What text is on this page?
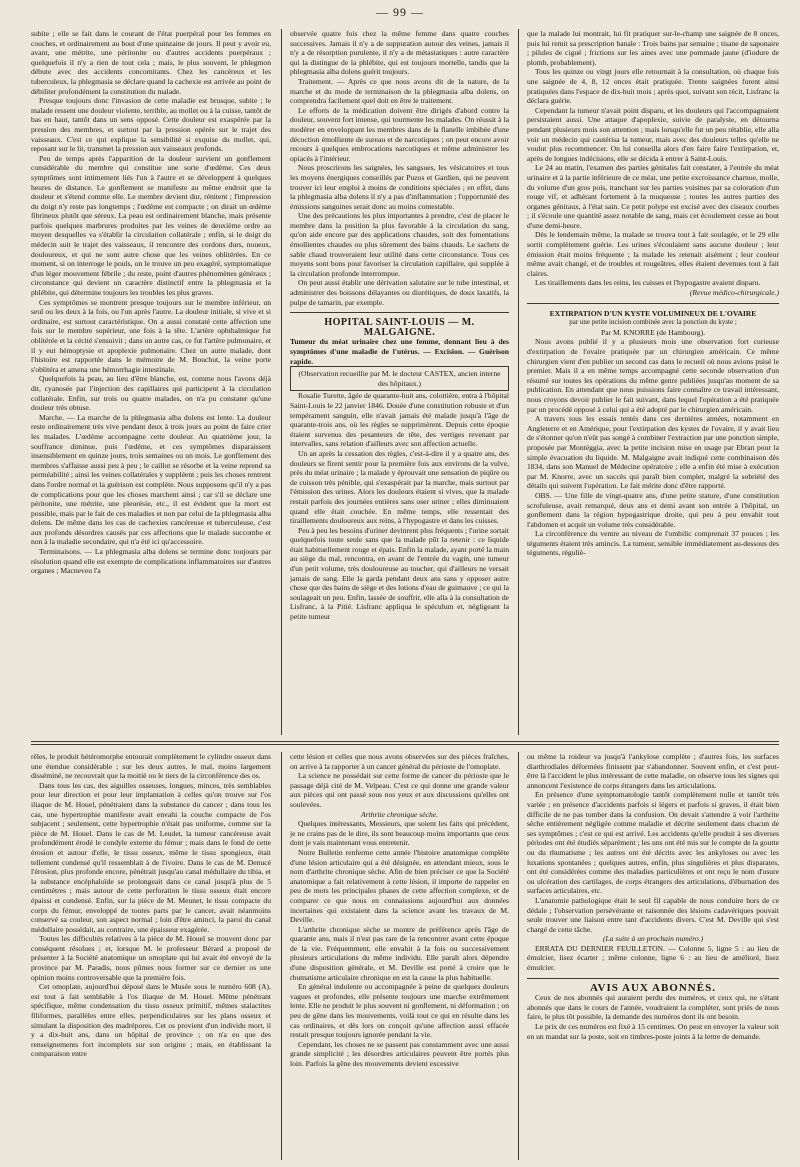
— 99 —

subite ; elle se fait dans le courant de l'état puerpéral pour les femmes en couches, et ordinairement au bout d'une quinzaine de jours. Il peut y avoir eu, avant, une métrite, une péritonite ou d'autres accidents puerpéraux ; quelquefois il n'y a rien de tout cela ; mais, le plus souvent, le phlegmon débute avec des accidents concomitants. Chez les cancéreux et les tuberculeux, la phlegmasia se déclare quand la cachexie est arrivée au point de débiliter profondément la constitution du malade.

Presque toujours donc l'invasion de cette maladie est brusque, subite ; le malade ressent une douleur violente, terrible, au mollet ou à la cuisse, tantôt de bas en haut, tantôt dans un sens opposé. Cette douleur est exaspérée par la pression des membres, et surtout par la pression opérée sur le trajet des vaisseaux. C'est ce qui explique la sensibilité si exquise du mollet, qui, reposant sur le lit, transmet la pression aux vaisseaux profonds.

Peu de temps après l'apparition de la douleur survient un gonflement considérable du membre qui constitue une sorte d'œdème. Ces deux symptômes sont intimement liés l'un à l'autre et se développent à quelques heures de distance. Le gonflement se manifeste au même endroit que la douleur et s'étend comme elle. Le membre devient dur, rénitent ; l'impression du doigt n'y reste pas longtemps ; l'œdème est compacte ; on dirait un œdème fibrineux plutôt que séreux. La peau est ordinairement blanche, mais présente parfois quelques marbrures produites par les veines de deuxième ordre au moyen desquelles va s'établir la circulation collatérale ; enfin, si le doigt du médecin suit le trajet des vaisseaux, il rencontre des cordons durs, noueux, douloureux, et qui ne sont autre chose que les veines oblitérées. En ce moment, si on interroge le pouls, on le trouve un peu exagéré, symptomatique d'un léger mouvement fébrile ; du reste, point d'autres phénomènes généraux ; circonstance qui devient un caractère distinctif entre la phlegmasia et la phlébite, qui détermine toujours les troubles les plus graves.

Ces symptômes se montrent presque toujours sur le membre inférieur, un seul ou les deux à la fois, ou l'un après l'autre. La douleur initiale, si vive et si ordinaire, est surtout caractéristique. On a aussi constaté cette affection une fois sur le membre supérieur, une fois à la tête. L'artère ophthalmique fut oblitérée et la cécité s'ensuivit ; dans un autre cas, ce fut l'artère pulmonaire, et il y eut hémoptysie et apoplexie pulmonaire. Chez un autre malade, dont l'histoire est rapportée dans le mémoire de M. Bouchut, la veine porte s'oblitéra et amena une hémorrhagie intestinale.

Quelquefois la peau, au lieu d'être blanche, est, comme nous l'avons déjà dit, cyanosée par l'injection des capillaires qui participent à la circulation collatérale. Enfin, sur trois ou quatre malades, on n'a pu constater qu'une douleur très obtuse.

Marche. — La marche de la phlegmasia alba dolens est lente. La douleur reste ordinairement très vive pendant deux à trois jours au point de faire crier les malades. L'œdème accompagne cette douleur. Au quatrième jour, la souffrance diminue, puis l'œdème, et ces symptômes disparaissent insensiblement en quinze jours, trois semaines ou un mois. Le gonflement des membres s'affaisse aussi peu à peu ; le caillot se résorbe et la veine reprend sa perméabilité ; ainsi les veines collatérales y suppléent ; puis les choses rentrent dans l'ordre normal et la guérison est complète. Nous supposons qu'il n'y a pas de complications pour que les choses marchent ainsi ; car s'il se déclare une péritonite, une métrite, une pleurésie, etc., il est évident que la mort est possible, mais par le fait de ces maladies et non par celui de la phlegmasia alba dolens. De même dans les cas de cachexies cancéreuse et tuberculeuse, c'est aux profonds désordres causés par ces affections que le malade succombe et non à la maladie secondaire, qui n'a été ici qu'accessoire.

Terminaisons. — La phlegmasia alba dolens se termine donc toujours par résolution quand elle est exempte de complications inflammatoires sur d'autres organes ; Macneveu l'a

observée quatre fois chez la même femme dans quatre couches successives. Jamais il n'y a de suppuration autour des veines, jamais il n'y a de résorption purulente, il n'y a de métastatiques : autre caractère qui la distingue de la phlébite, qui est toujours mortelle, tandis que la phlegmasia alba dolens guérit toujours.

Traitement. — Après ce que nous avons dit de la nature, de la marche et du mode de terminaison de la phlegmasia alba dolens, on comprendra facilement quel doit en être le traitement.

Le efforts de la médication doivent être dirigés d'abord contre la douleur, souvent fort intense, qui tourmente les malades. On réussit à la modérer en enveloppant les membres dans de la flanelle imbibée d'une décoction émolliente de sureau et de narcotiques ; on peut encore avoir recours à quelques embrocations narcotiques et même administrer les opiacés à l'intérieur.

Nous proscrirons les saignées, les sangsues, les vésicatoires et tous les moyens énergiques conseillés par Puzos et Gardien, qui ne peuvent trouver ici leur emploi à moins de conditions spéciales ; en effet, dans la phlegmasia alba dolens il n'y a pas d'inflammation ; l'opportunité des émissions sanguines serait donc au moins contestable.

Une des précautions les plus importantes à prendre, c'est de placer le membre dans la position la plus favorable à la circulation du sang, qu'on aide encore par des applications chaudes, soit des fomentations émollientes chaudes ou plus sûrement des bains chauds. Le sachets de sable chaud trouveraient leur utilité dans cette circonstance. Tous ces moyens sont bons pour favoriser la circulation capillaire, qui supplée à la circulation profonde interrompue.

On peut aussi établir une dérivation salutaire sur le tube intestinal, et administrer des boissons délayantes ou diurétiques, de doux laxatifs, la pulpe de tamarin, par exemple.

HOPITAL SAINT-LOUIS — M. MALGAIGNE.

Tumeur du méat urinaire chez une femme, donnant lieu à des symptômes d'une maladie de l'utérus. — Excision. — Guérison rapide.

(Observation recueillie par M. le docteur CASTEX, ancien interne des hôpitaux.)

Rosalie Turette, âgée de quarante-huit ans, colottière, entra à l'hôpital Saint-Louis le 22 janvier 1846. Douée d'une constitution robuste et d'un tempérament sanguin, elle n'avait jamais été malade jusqu'à l'âge de quarante-trois ans, où les règles se supprimèrent. Depuis cette époque étaient survenus des pesanteurs de tête, des vertiges revenant par intervalles, sans relation d'ailleurs avec son affection actuelle.

Un an après la cessation des règles, c'est-à-dire il y a quatre ans, des douleurs se firent sentir pour la première fois aux environs de la vulve, près du méat urinaire ; la malade y éprouvait une sensation de piqûre ou de cuisson très pénible, qui s'exaspérait par la marche, mais surtout par l'émission des urines. Alors les douleurs étaient si vives, que la malade restait parfois des journées entières sans oser uriner ; elles diminuaient quand elle était couchée. En même temps, elle ressentait des tiraillements douloureux aux reins, à l'hypogastre et dans les cuisses.

Peu à peu les besoins d'uriner devinrent plus fréquents ; l'urine sortait quelquefois toute seule sans que la malade pût la retenir : ce liquide était habituellement rouge et épais. Enfin la malade, ayant porté la main au siège du mal, rencontra, en avant de l'entrée du vagin, une tumeur d'un petit volume, très douloureuse au toucher, qui d'ailleurs ne versait jamais de sang. Elle la garda pendant deux ans sans y opposer autre chose que des bains de siège et des lotions d'eau de guimauve ; ce qui la soulageait un peu. Enfin, lassée de souffrir, elle alla à la consultation de Lisfranc, à la Pitié. Lisfranc appliqua le spéculum et, négligeant la petite tumeur

que la malade lui montrait, lui fit pratiquer sur-le-champ une saignée de 8 onces, puis lui remit sa prescription banale : Trois bains par semaine ; tisane de saponaire ; pilules de ciguë ; frictions sur les aines avec une pommade jaune (d'iodure de plomb, probablement).

Tous les quinze ou vingt jours elle retournait à la consultation, où chaque fois une saignée de 4, 8, 12 onces était pratiquée. Trente saignées furent ainsi pratiquées dans l'espace de dix-huit mois ; après quoi, suivant son récit, Lisfranc la déclara guérie.

Cependant la tumeur n'avait point disparu, et les douleurs qui l'accompagnaient persistaient aussi. Une attaque d'apoplexie, suivie de paralysie, en détourna pendant plusieurs mois son attention ; mais lorsqu'elle fut un peu rétablie, elle alla voir un médecin qui cautérisa la tumeur, mais avec des douleurs telles qu'elle ne voulut plus recommencer. On lui conseilla alors d'en faire faire l'extirpation, et, après de longues indécisions, elle se décida à entrer à Saint-Louis.

Le 24 au matin, l'examen des parties génitales fait constater, à l'entrée du méat urinaire et à la partie inférieure de ce méat, une petite excroissance charnue, molle, du volume d'un gros pois, tranchant sur les parties voisines par sa coloration d'un rouge vif, et adhérant fortement à la muqueuse ; toutes les autres parties des organes génitaux, à l'état sain. Ce petit polype est excisé avec des ciseaux courbes ; il s'écoule une quantité assez notable de sang, mais cet écoulement cesse au bout d'une demi-heure.

Dès le lendemain même, la malade se trouva tout à fait soulagée, et le 29 elle sortit complètement guérie. Les urines s'écoulaient sans aucune douleur ; leur émission était moins fréquente ; la malade les retenait aisément ; leur couleur même avait changé, et de troubles et rougeâtres, elles étaient devenues tout à fait claires.

Les tiraillements dans les reins, les cuisses et l'hypogastre avaient disparu.

(Revue médico-chirurgicale.)

EXTIRPATION D'UN KYSTE VOLUMINEUX DE L'OVAIRE

par une petite incision combinée avec la ponction du kyste ;

Par M. KNORRE (de Hambourg).

Nous avons publié il y a plusieurs mois une observation fort curieuse d'extirpation de l'ovaire pratiquée par un chirurgien américain. Ce même chirurgien vient d'en publier un second cas dans le recueil où nous avions puisé le premier. Mais il a en même temps accompagné cette seconde observation d'un résumé sur toutes les opérations du même genre publiées jusqu'au moment de sa publication. En attendant que nous puissions faire connaître ce travail intéressant, nous croyons devoir publier le fait suivant, dans lequel l'opération a été pratiquée par un procédé opposé à celui qui a été adopté par le chirurgien américain.

A travers tous les essais tentés dans ces dernières années, notamment en Angleterre et en Amérique, pour l'extirpation des kystes de l'ovaire, il y avait lieu de s'étonner qu'on n'eût pas songé à combiner l'extraction par une ponction simple, proposée par Montéggia, avec la petite incision mise en usage par Ebran pour la simple évacuation du liquide. M. Malgaigne avait indiqué cette combinaison dès 1834, dans son Manuel de Médecine opératoire ; elle a enfin été mise à exécution par M. Knorre, avec un succès qui paraît bien complet, malgré la sobriété des détails qui suivent l'opération. Le fait mérite donc d'être rapporté.

OBS. — Une fille de vingt-quatre ans, d'une petite stature, d'une constitution scrofuleuse, avait remarqué, deux ans et demi avant son entrée à l'hôpital, un gonflement dans la région hypogastrique droite, qui peu à peu envahit tout l'abdomen et acquit un volume très considérable.

La circonférence du ventre au niveau de l'ombilic comprenait 37 pouces ; les téguments étaient très amincis. La tumeur, sensible immédiatement au-dessous des téguments, réguliè-

rêles, le produit hétéromorphe entourait complètement le cylindre osseux dans une étendue considérable ; sur les deux autres, le mal, moins largement disséminé, ne recouvrait que la moitié ou le tiers de la circonférence des os.

Dans tous les cas, des aiguilles osseuses, longues, minces, très semblables pour leur direction et pour leur implantation à celles qu'on trouve sur l'os iliaque de M. Houel, pénétraient dans la substance du cancer ; dans tous les cas, une hypertrophie manifeste avait envahi la couche compacte de l'os subjacent ; seulement, cette hypertrophie n'était pas uniforme, comme sur la pièce de M. Houel. Dans le cas de M. Leudet, la tumeur cancéreuse avait profondément érodé le condyle externe du fémur ; mais dans le fond de cette érosion et autour d'elle, le tissu osseux, même le tissu spongieux, était tellement condensé qu'il ressemblait à de l'ivoire. Dans le cas de M. Denucé l'érosion, plus profonde encore, pénétrait jusqu'au canal médullaire du tibia, et la substance encéphaloïde se prolongeait dans ce canal jusqu'à plus de 5 centimètres ; mais autour de cette perforation le tissu osseux était encore épaissi et condensé. Enfin, sur la pièce de M. Meunet, le tissu compacte du corps du fémur, enveloppé de toutes parts par le cancer, avait néanmoins conservé sa couleur, son aspect normal ; loin d'être aminci, la paroi du canal médullaire possédait, au contraire, une épaisseur exagérée.

Toutes les difficultés relatives à la pièce de M. Houel se trouvent donc par conséquent résolues ; et, lorsque M. le professeur Bérard a proposé de présenter à la Société anatomique un omoplate qui lui avait été envoyé de la province par M. Paradis, nous pûmes nous former sur ce dernier os une opinion moins controversable que la première fois.

Cet omoplate, aujourd'hui déposé dans le Musée sous le numéro 608 (A), est tout à fait semblable à l'os iliaque de M. Houel. Même pénétrant spécifique, même condensation du tissu osseux primitif, mêmes stalactites filiformes, parallèles entre elles, perpendiculaires sur les plans osseux et simulant la disposition des madrépores. Cet os provient d'un individu mort, il y a dix-huit ans, dans un hôpital de province ; on n'a eu que des renseignements fort incomplets sur son origine ; mais, en établissant la comparaison entre

cette lésion et celles que nous avons observées sur des pièces fraîches, on arrive à la rapporter à un cancer général du périoste de l'omoplate.

La science ne possédait sur cette forme de cancer du périoste que le passage déjà cité de M. Velpeau. C'est ce qui donne une grande valeur aux pièces qui ont passé sous nos yeux et aux discussions qu'elles ont soulevées.

Arthrite chronique sèche.

Quelques intéressants, Messieurs, que soient les faits qui précèdent, je ne crains pas de le dire, ils sont beaucoup moins importants que ceux dont je vais maintenant vous entretenir.

Notre Bulletin renferme cette année l'histoire anatomique complète d'une lésion articulaire qui a été désignée, en attendant mieux, sous le nom d'arthrite chronique sèche. Afin de bien préciser ce que la Société anatomique a fait relativement à cette lésion, il importe de rappeler en peu de mots les principales phases de cette affection complexe, et de comparer ce que nous en connaissions aujourd'hui aux données incertaines qui existaient dans la science avant les travaux de M. Deville.

L'arthrite chronique sèche se montre de préférence après l'âge de quarante ans, mais il n'est pas rare de la rencontrer avant cette époque de la vie. Fréquemment, elle envahit à la fois ou successivement plusieurs articulations du même individu. Elle paraît alors dépendre d'une disposition générale, et M. Deville est porté à croire que le rhumatisme articulaire chronique en est la cause la plus habituelle.

En général indolente ou accompagnée à peine de quelques douleurs vagues et profondes, elle présente toujours une marche extrêmement lente. Elle ne produit le plus souvent ni gonflement, ni déformation ; on peu de gêne dans les mouvements, voilà tout ce qui en résulte dans les cas ordinaires, et dès lors on conçoit qu'une affection aussi effacée restait presque toujours ignorée pendant la vie.

Cependant, les choses ne se passent pas constamment avec une aussi grande simplicité ; les désordres articulaires peuvent être portés plus loin. Parfois la gêne des mouvements devient excessive

ou même la roideur va jusqu'à l'ankylose complète ; d'autres fois, les surfaces diarthrodiales déformées finissent par s'abandonner. Souvent enfin, et c'est peut-être là l'accident le plus intéressant de cette maladie, on observe tous les signes qui annoncent l'existence de corps étrangers dans les articulations.

En présence d'une symptomatologie tantôt complètement nulle et tantôt très variée ; en présence d'accidents parfois si légers et parfois si graves, il était bien difficile de ne pas tomber dans la confusion. On devait s'attendre à voir l'arthrite sèche entièrement négligée comme maladie et décrite seulement dans chacun de ses symptômes ; c'est ce qui est arrivé. Les accidents qu'elle produit à ses diverses périodes ont été étudiés séparément ; les uns ont été mis sur le compte de la goutte ou du rhumatisme ; les autres ont été décrits avec les ankyloses ou avec les luxations spontanées ; quelques autres, enfin, plus singulières et plus disparates, ont été considérées comme des maladies particulières et ont reçu le nom d'usure ou ulcération des cartilages, de corps étrangers des articulations, d'éburnation des surfaces articulaires, etc.

L'anatomie pathologique était le seul fil capable de nous conduire hors de ce dédale ; l'observation persévérante et raisonnée des lésions cadavériques pouvait seule trouver une liaison entre tant d'accidents divers. C'est M. Deville qui s'est chargé de cette tâche.

(La suite à un prochain numéro.)

ERRATA DU DERNIER FEUILLETON. — Colonne 5, ligne 5 : au lieu de émulcier, lisez écarter ; même colonne, ligne 6 : au lieu de amélioré, lisez émulcier.

AVIS AUX ABONNÉS.

Ceux de nos abonnés qui auraient perdu des numéros, et ceux qui, ne s'étant abonnés que dans le cours de l'année, voudraient la compléter, sont priés de nous faire, le plus tôt possible, la demande des numéros dont ils ont besoin.

Le prix de ces numéros est fixé à 15 centimes. On peut en envoyer la valeur soit en un mandat sur la poste, soit en timbres-poste joints à la lettre de demande.
